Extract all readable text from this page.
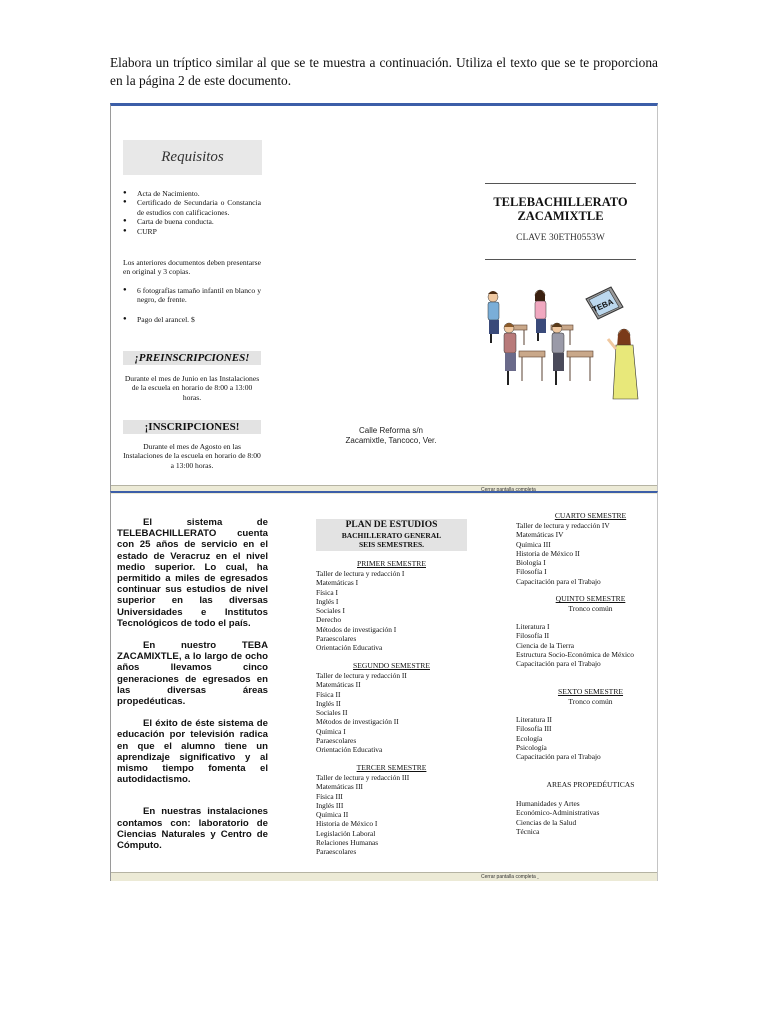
Elabora un tríptico similar al que se te muestra a continuación. Utiliza el texto que se te proporciona en la página 2 de este documento.

Requisitos
● Acta de Nacimiento.
● Certificado de Secundaria o Constancia de estudios con calificaciones.
● Carta de buena conducta.
● CURP

Los anteriores documentos deben presentarse en original y 3 copias.

● 6 fotografías tamaño infantil en blanco y negro, de frente.
● Pago del arancel. $
¡PREINSCRIPCIONES!

Durante el mes de Junio en las Instalaciones de la escuela en horario de 8:00 a 13:00 horas.

¡INSCRIPCIONES!

Durante el mes de Agosto en las Instalaciones de la escuela en horario de 8:00 a 13:00 horas.

Calle Reforma s/n
Zacamixtle, Tancoco, Ver.

TELEBACHILLERATO
ZACAMIXTLE

CLAVE 30ETH0553W

TEBA
Cerrar pantalla completa ˬ

El sistema de TELEBACHILLERATO cuenta con 25 años de servicio en el estado de Veracruz en el nivel medio superior. Lo cual, ha permitido a miles de egresados continuar sus estudios de nivel superior en las diversas Universidades e Institutos Tecnológicos de todo el país.

En nuestro TEBA ZACAMIXTLE, a lo largo de ocho años llevamos cinco generaciones de egresados en las diversas áreas propedéuticas.

El éxito de éste sistema de educación por televisión radica en que el alumno tiene un aprendizaje significativo y al mismo tiempo fomenta el autodidactismo.

En nuestras instalaciones contamos con: laboratorio de Ciencias Naturales y Centro de Cómputo.

PLAN DE ESTUDIOS
BACHILLERATO GENERAL
SEIS SEMESTRES.
PRIMER SEMESTRE
Taller de lectura y redacción I
Matemáticas I
Física I
Inglés I
Sociales I
Derecho
Métodos de investigación I
Paraescolares
Orientación Educativa
SEGUNDO SEMESTRE
Taller de lectura y redacción II
Matemáticas II
Física II
Inglés II
Sociales II
Métodos de investigación II
Química I
Paraescolares
Orientación Educativa
TERCER SEMESTRE
Taller de lectura y redacción III
Matemáticas III
Física III
Inglés III
Química II
Historia de México I
Legislación Laboral
Relaciones Humanas
Paraescolares
CUARTO SEMESTRE
Taller de lectura y redacción IV
Matemáticas IV
Química III
Historia de México II
Biología I
Filosofía I
Capacitación para el Trabajo
QUINTO SEMESTRE
Tronco común
Literatura I
Filosofía II
Ciencia de la Tierra
Estructura Socio-Económica de México
Capacitación para el Trabajo
SEXTO SEMESTRE
Tronco común
Literatura II
Filosofía III
Ecología
Psicología
Capacitación para el Trabajo
AREAS PROPEDÉUTICAS
Humanidades y Artes
Económico-Administrativas
Ciencias de la Salud
Técnica
Cerrar pantalla completa ˬ
